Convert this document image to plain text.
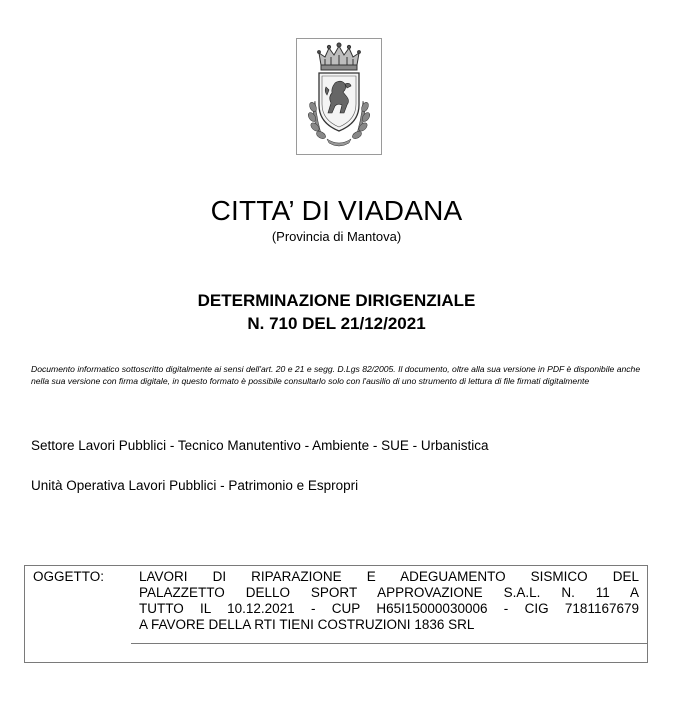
CITTA’ DI VIADANA
(Provincia di Mantova)
DETERMINAZIONE DIRIGENZIALE
N. 710 DEL 21/12/2021
Documento informatico sottoscritto digitalmente ai sensi dell'art. 20 e 21 e segg. D.Lgs 82/2005. Il documento, oltre alla sua versione in PDF è disponibile anche nella sua versione con firma digitale, in questo formato è possibile consultarlo solo con l'ausilio di uno strumento di lettura di file firmati digitalmente
Settore Lavori Pubblici - Tecnico Manutentivo - Ambiente - SUE - Urbanistica
Unità Operativa Lavori Pubblici - Patrimonio e Espropri
OGGETTO:	LAVORI DI RIPARAZIONE E ADEGUAMENTO SISMICO DEL
PALAZZETTO DELLO SPORT APPROVAZIONE S.A.L. N. 11 A
TUTTO IL 10.12.2021 - CUP H65I15000030006 - CIG 7181167679
A FAVORE DELLA RTI TIENI COSTRUZIONI 1836 SRL
